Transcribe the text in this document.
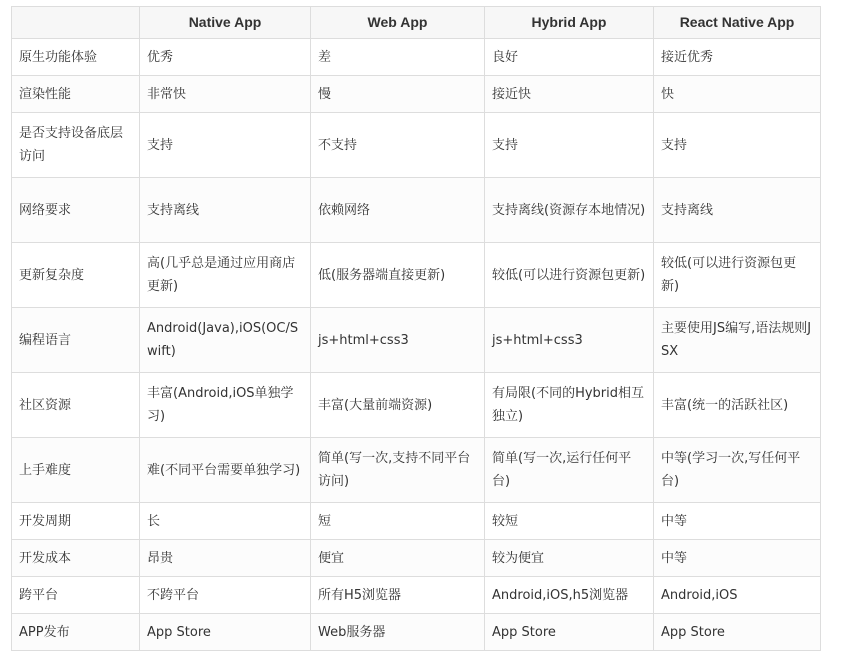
	Native App	Web App	Hybrid App	React Native App
原生功能体验	优秀	差	良好	接近优秀
渲染性能	非常快	慢	接近快	快
是否支持设备底层访问	支持	不支持	支持	支持
网络要求	支持离线	依赖网络	支持离线(资源存本地情况)	支持离线
更新复杂度	高(几乎总是通过应用商店更新)	低(服务器端直接更新)	较低(可以进行资源包更新)	较低(可以进行资源包更新)
编程语言	Android(Java),iOS(OC/Swift)	js+html+css3	js+html+css3	主要使用JS编写,语法规则JSX
社区资源	丰富(Android,iOS单独学习)	丰富(大量前端资源)	有局限(不同的Hybrid相互独立)	丰富(统一的活跃社区)
上手难度	难(不同平台需要单独学习)	简单(写一次,支持不同平台访问)	简单(写一次,运行任何平台)	中等(学习一次,写任何平台)
开发周期	长	短	较短	中等
开发成本	昂贵	便宜	较为便宜	中等
跨平台	不跨平台	所有H5浏览器	Android,iOS,h5浏览器	Android,iOS
APP发布	App Store	Web服务器	App Store	App Store
